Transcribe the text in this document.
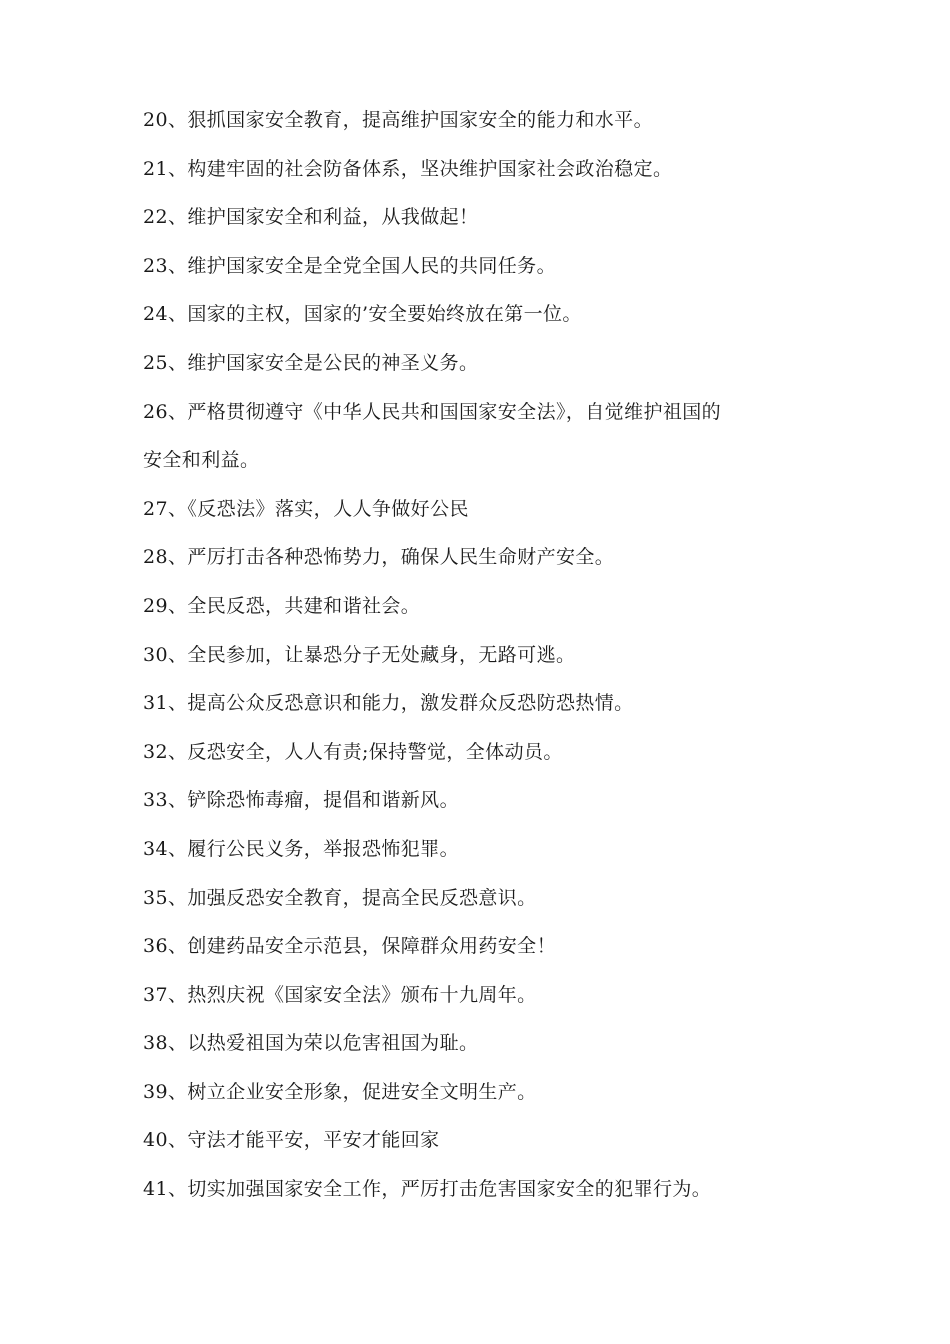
20、狠抓国家安全教育，提高维护国家安全的能力和水平。
21、构建牢固的社会防备体系，坚决维护国家社会政治稳定。
22、维护国家安全和利益，从我做起！
23、维护国家安全是全党全国人民的共同任务。
24、国家的主权，国家的’安全要始终放在第一位。
25、维护国家安全是公民的神圣义务。
26、严格贯彻遵守《中华人民共和国国家安全法》，自觉维护祖国的
安全和利益。
27、《反恐法》落实，人人争做好公民
28、严厉打击各种恐怖势力，确保人民生命财产安全。
29、全民反恐，共建和谐社会。
30、全民参加，让暴恐分子无处藏身，无路可逃。
31、提高公众反恐意识和能力，激发群众反恐防恐热情。
32、反恐安全，人人有责;保持警觉，全体动员。
33、铲除恐怖毒瘤，提倡和谐新风。
34、履行公民义务，举报恐怖犯罪。
35、加强反恐安全教育，提高全民反恐意识。
36、创建药品安全示范县，保障群众用药安全！
37、热烈庆祝《国家安全法》颁布十九周年。
38、以热爱祖国为荣以危害祖国为耻。
39、树立企业安全形象，促进安全文明生产。
40、守法才能平安，平安才能回家
41、切实加强国家安全工作，严厉打击危害国家安全的犯罪行为。
